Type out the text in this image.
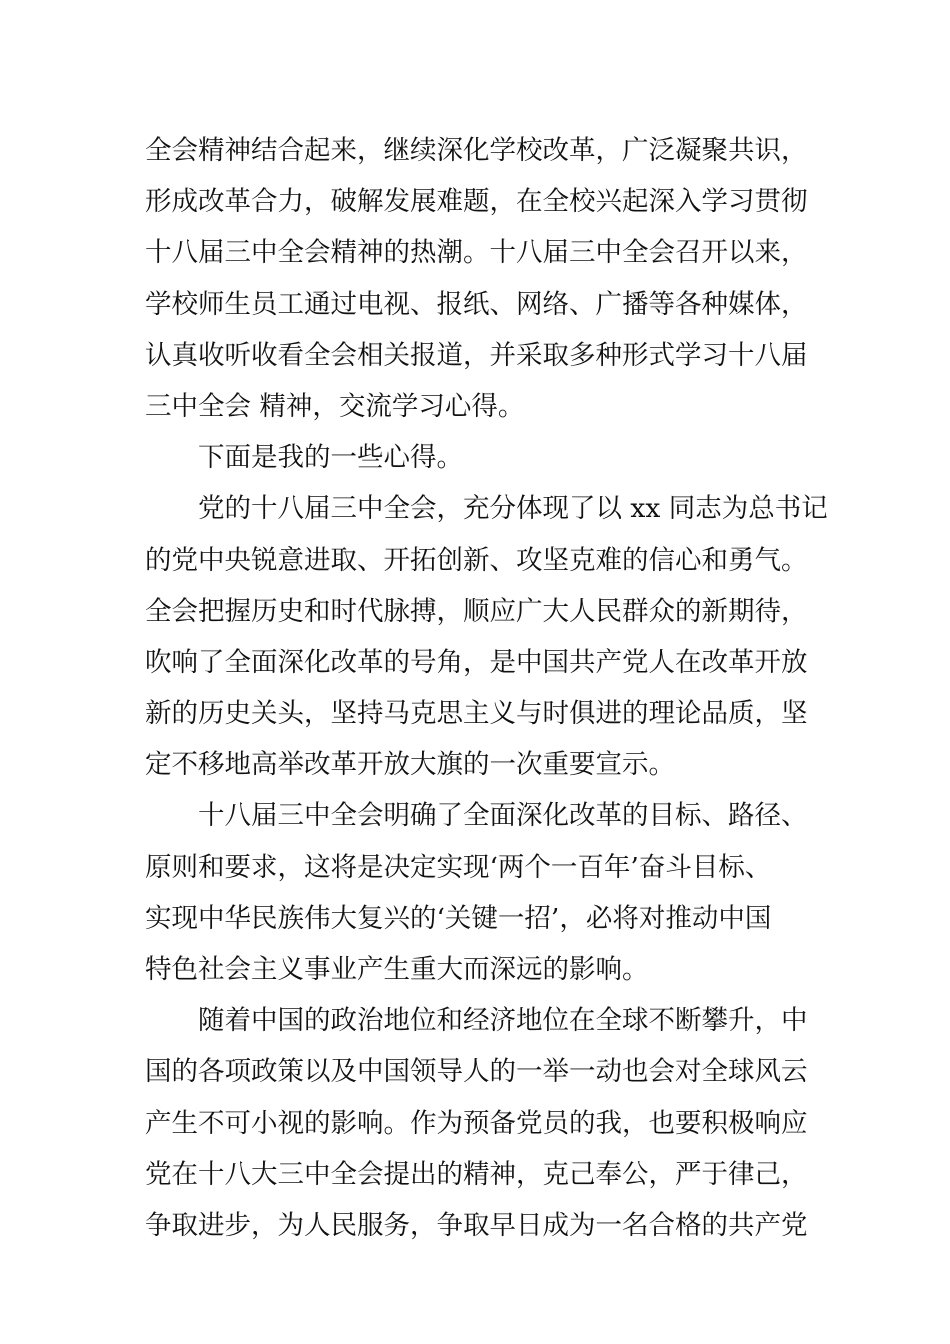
全会精神结合起来，继续深化学校改革，广泛凝聚共识，
形成改革合力，破解发展难题，在全校兴起深入学习贯彻
十八届三中全会精神的热潮。十八届三中全会召开以来，
学校师生员工通过电视、报纸、网络、广播等各种媒体，
认真收听收看全会相关报道，并采取多种形式学习十八届
三中全会 精神，交流学习心得。
下面是我的一些心得。
党的十八届三中全会，充分体现了以 xx 同志为总书记
的党中央锐意进取、开拓创新、攻坚克难的信心和勇气。
全会把握历史和时代脉搏，顺应广大人民群众的新期待，
吹响了全面深化改革的号角，是中国共产党人在改革开放
新的历史关头，坚持马克思主义与时俱进的理论品质，坚
定不移地高举改革开放大旗的一次重要宣示。
十八届三中全会明确了全面深化改革的目标、路径、
原则和要求，这将是决定实现‘两个一百年’奋斗目标、
实现中华民族伟大复兴的‘关键一招’，必将对推动中国
特色社会主义事业产生重大而深远的影响。
随着中国的政治地位和经济地位在全球不断攀升，中
国的各项政策以及中国领导人的一举一动也会对全球风云
产生不可小视的影响。作为预备党员的我，也要积极响应
党在十八大三中全会提出的精神，克己奉公，严于律己，
争取进步，为人民服务，争取早日成为一名合格的共产党
